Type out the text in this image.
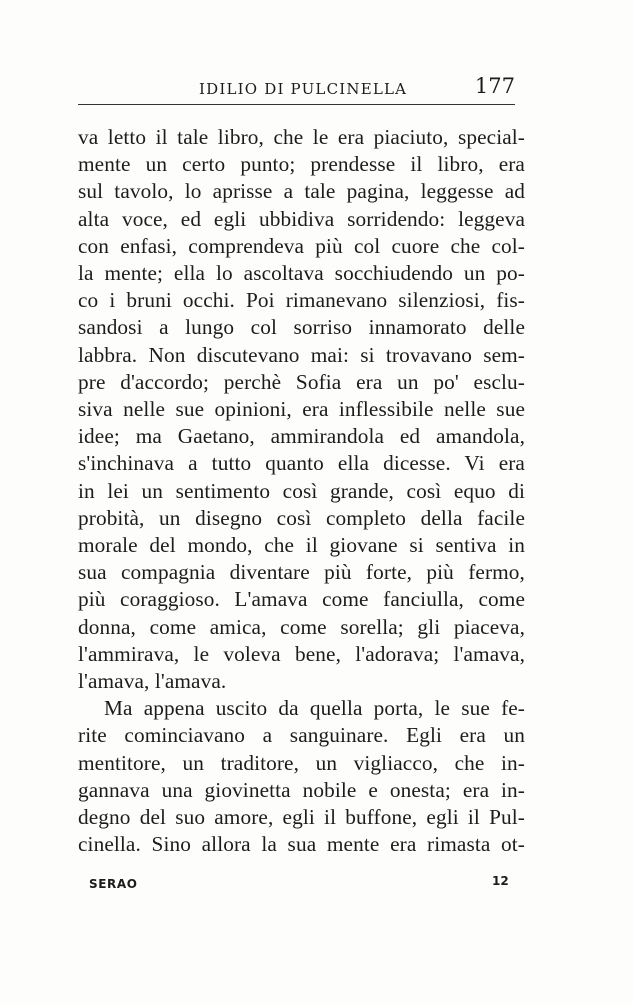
IDILIO DI PULCINELLA	177
va letto il tale libro, che le era piaciuto, special-
mente un certo punto; prendesse il libro, era
sul tavolo, lo aprisse a tale pagina, leggesse ad
alta voce, ed egli ubbidiva sorridendo: leggeva
con enfasi, comprendeva più col cuore che col-
la mente; ella lo ascoltava socchiudendo un po-
co i bruni occhi. Poi rimanevano silenziosi, fis-
sandosi a lungo col sorriso innamorato delle
labbra. Non discutevano mai: si trovavano sem-
pre d'accordo; perchè Sofia era un po' esclu-
siva nelle sue opinioni, era inflessibile nelle sue
idee; ma Gaetano, ammirandola ed amandola,
s'inchinava a tutto quanto ella dicesse. Vi era
in lei un sentimento così grande, così equo di
probità, un disegno così completo della facile
morale del mondo, che il giovane si sentiva in
sua compagnia diventare più forte, più fermo,
più coraggioso. L'amava come fanciulla, come
donna, come amica, come sorella; gli piaceva,
l'ammirava, le voleva bene, l'adorava; l'amava,
l'amava, l'amava.
Ma appena uscito da quella porta, le sue fe-
rite cominciavano a sanguinare. Egli era un
mentitore, un traditore, un vigliacco, che in-
gannava una giovinetta nobile e onesta; era in-
degno del suo amore, egli il buffone, egli il Pul-
cinella. Sino allora la sua mente era rimasta ot-
SERAO	12
